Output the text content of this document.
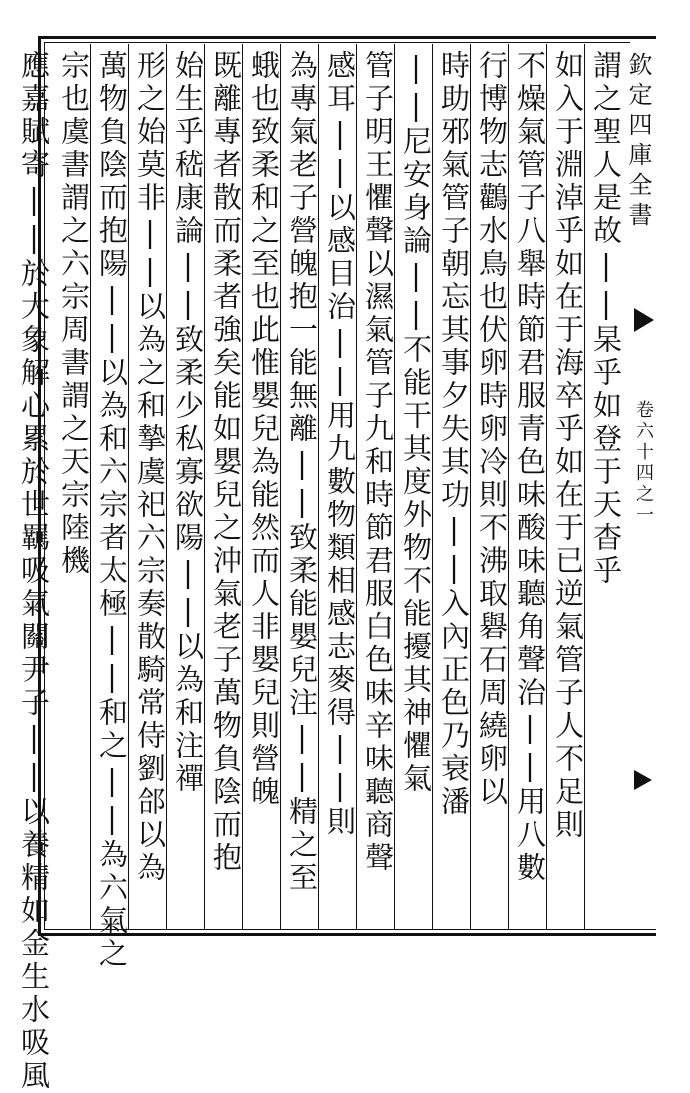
謂之聖人是故||杲乎如登于天杳乎
如入于淵淖乎如在于海卒乎如在于已逆氣管子人不足則
不燥氣管子八舉時節君服青色味酸味聽角聲治||用八數
行博物志鸛水鳥也伏卵時卵冷則不沸取礜石周繞卵以
時助邪氣管子朝忘其事夕失其功||入內正色乃衰潘
||尼安身論||不能干其度外物不能擾其神懼氣
管子明王懼聲以濕氣管子九和時節君服白色味辛味聽商聲
感耳||以感目治||用九數物類相感志麥得||則
為專氣老子營魄抱一能無離||致柔能嬰兒注||精之至
蛾也致柔和之至也此惟嬰兒為能然而人非嬰兒則營魄
既離專者散而柔者強矣能如嬰兒之沖氣老子萬物負陰而抱
始生乎嵇康論||致柔少私寡欲陽||以為和注禪
形之始莫非||以為之和摯虞祀六宗奏散騎常侍劉郃以為
萬物負陰而抱陽||以為和六宗者太極||和之||為六氣之
宗也虞書謂之六宗周書謂之天宗陸機
應嘉賦寄||於大象解心累於世羈吸氣關尹子||以養精如金生水吸風	欽定四庫全書
卷六十四之一
